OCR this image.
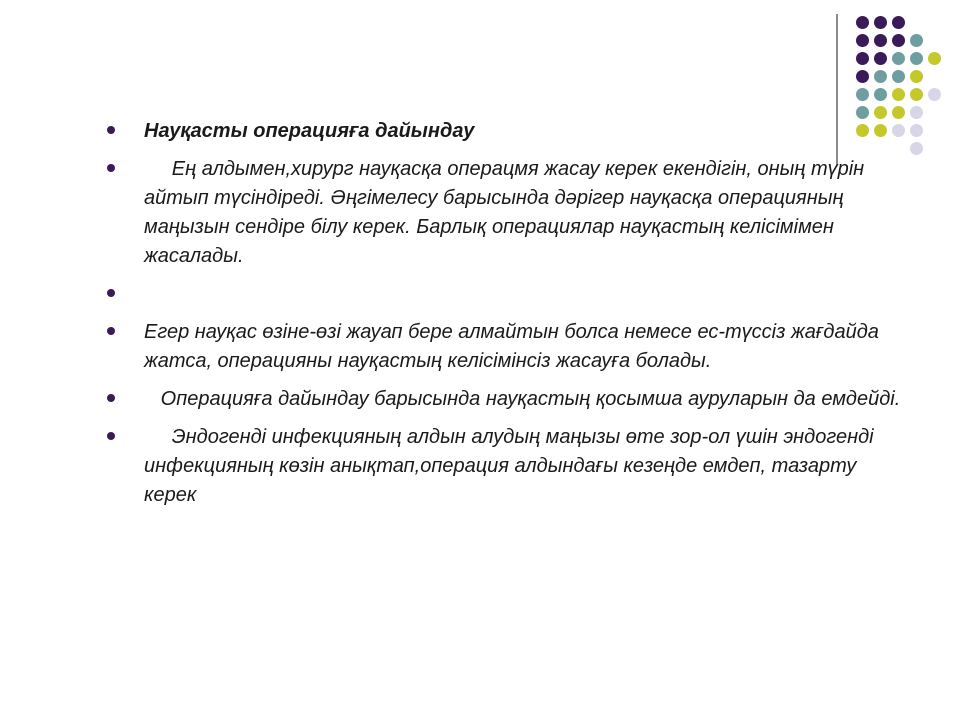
Науқасты операцияға дайындау
Ең алдымен,хирург науқасқа операцмя жасау керек екендігін, оның түрін айтып түсіндіреді. Әңгімелесу барысында дәрігер науқасқа операцияның маңызын сендіре білу керек. Барлық операциялар науқастың келісімімен жасалады.
Егер науқас өзіне-өзі жауап бере алмайтын болса немесе ес-түссіз жағдайда жатса, операцияны науқастың келісімінсіз жасауға болады.
Операцияға дайындау барысында науқастың қосымша ауруларын да емдейді.
Эндогенді инфекцияның алдын алудың маңызы өте зор-ол үшін эндогенді инфекцияның көзін анықтап,операция алдындағы кезеңде емдеп, тазарту керек
